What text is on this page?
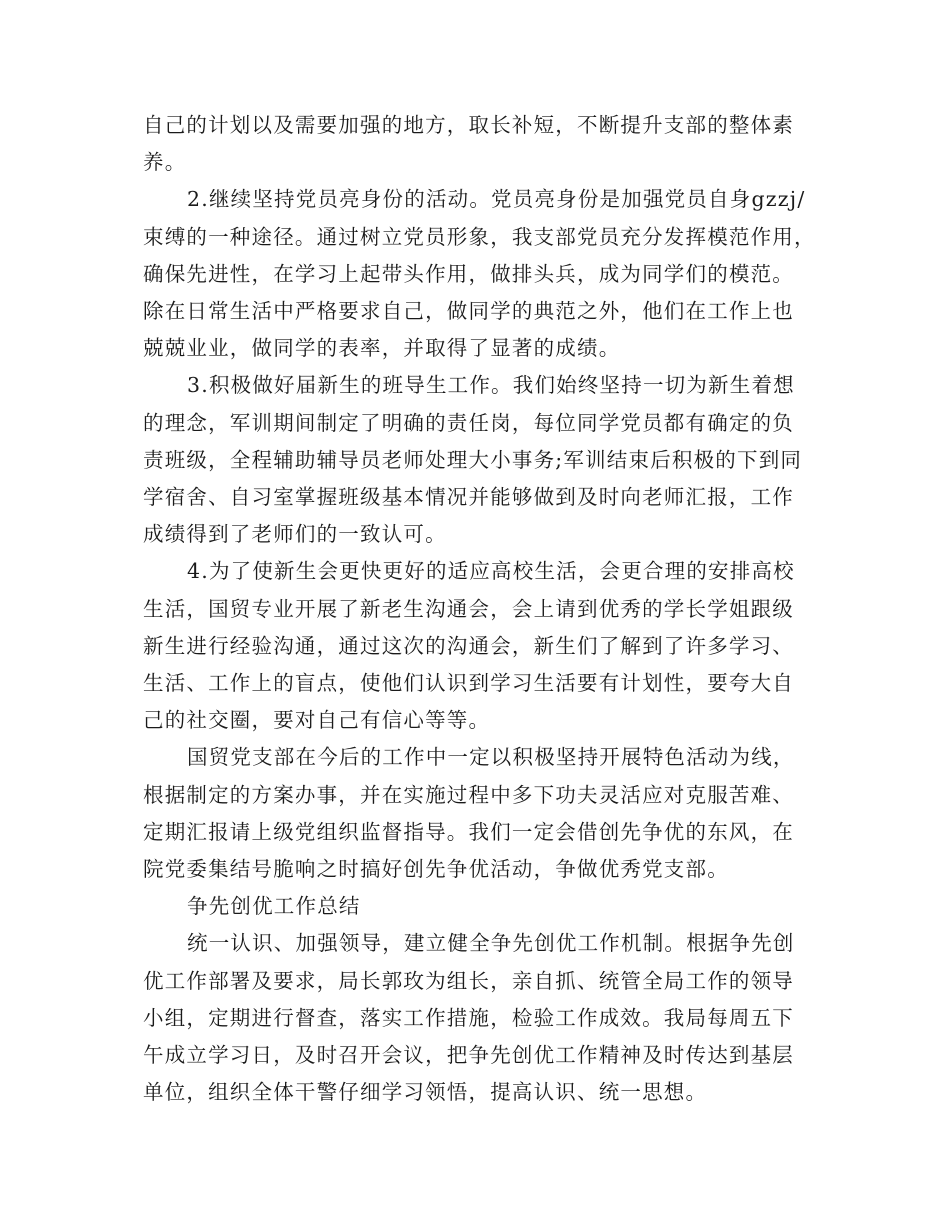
自己的计划以及需要加强的地方，取长补短，不断提升支部的整体素
养。
2.继续坚持党员亮身份的活动。党员亮身份是加强党员自身gzzj/
束缚的一种途径。通过树立党员形象，我支部党员充分发挥模范作用，
确保先进性，在学习上起带头作用，做排头兵，成为同学们的模范。
除在日常生活中严格要求自己，做同学的典范之外，他们在工作上也
兢兢业业，做同学的表率，并取得了显著的成绩。
3.积极做好届新生的班导生工作。我们始终坚持一切为新生着想
的理念，军训期间制定了明确的责任岗，每位同学党员都有确定的负
责班级，全程辅助辅导员老师处理大小事务;军训结束后积极的下到同
学宿舍、自习室掌握班级基本情况并能够做到及时向老师汇报，工作
成绩得到了老师们的一致认可。
4.为了使新生会更快更好的适应高校生活，会更合理的安排高校
生活，国贸专业开展了新老生沟通会，会上请到优秀的学长学姐跟级
新生进行经验沟通，通过这次的沟通会，新生们了解到了许多学习、
生活、工作上的盲点，使他们认识到学习生活要有计划性，要夸大自
己的社交圈，要对自己有信心等等。
国贸党支部在今后的工作中一定以积极坚持开展特色活动为线，
根据制定的方案办事，并在实施过程中多下功夫灵活应对克服苦难、
定期汇报请上级党组织监督指导。我们一定会借创先争优的东风，在
院党委集结号脆响之时搞好创先争优活动，争做优秀党支部。
争先创优工作总结
统一认识、加强领导，建立健全争先创优工作机制。根据争先创
优工作部署及要求，局长郭玫为组长，亲自抓、统管全局工作的领导
小组，定期进行督查，落实工作措施，检验工作成效。我局每周五下
午成立学习日，及时召开会议，把争先创优工作精神及时传达到基层
单位，组织全体干警仔细学习领悟，提高认识、统一思想。
